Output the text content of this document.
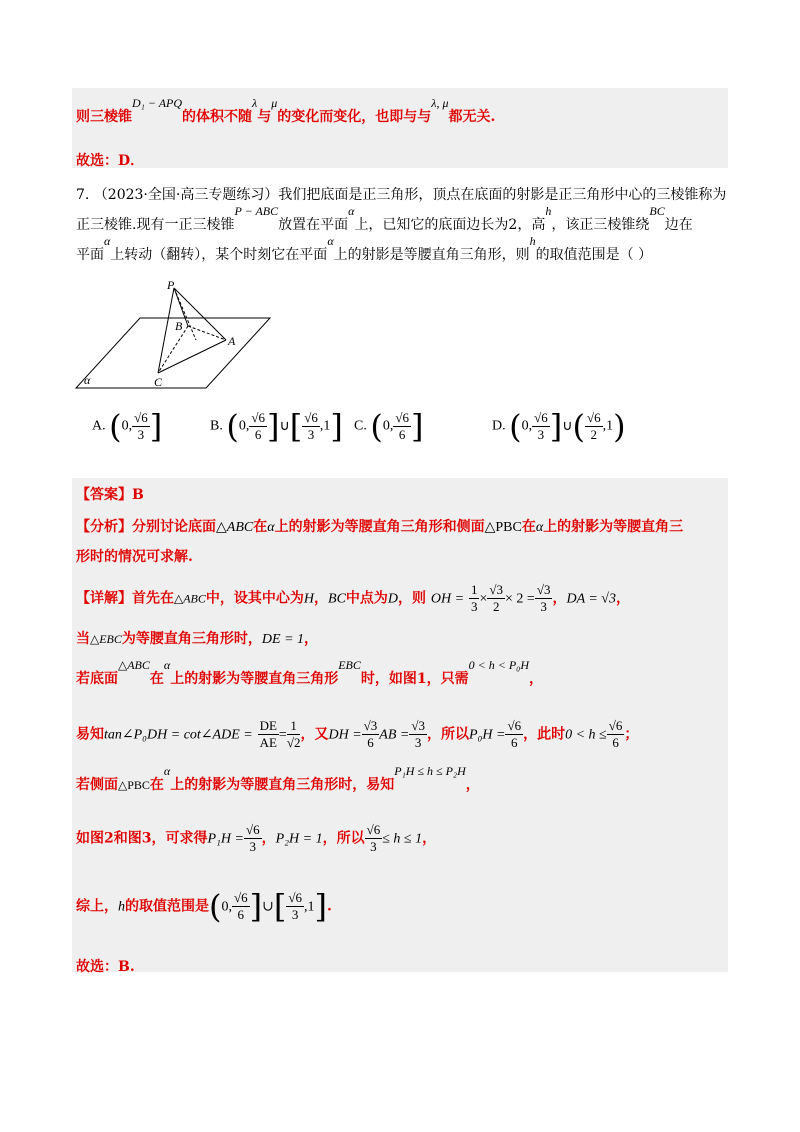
则三棱锥D₁ − APQ的体积不随λ与μ的变化而变化，也即与与λ, μ都无关.
故选：D．
7. （2023·全国·高三专题练习）我们把底面是正三角形，顶点在底面的射影是正三角形中心的三棱锥称为
正三棱锥.现有一正三棱锥P − ABC放置在平面α上，已知它的底面边长为2，高h，该正三棱锥绕BC边在
平面α上转动（翻转），某个时刻它在平面α上的射影是等腰直角三角形，则h的取值范围是（ ）
P
B
A
C
α
A. (0, $\frac{√6}{3}$ ]	B. (0, $\frac{√6}{6}$ ]∪[ $\frac{√6}{3} ,1$] C. (0, $\frac{√6}{6}$ ]	D. (0, $\frac{√6}{3}$ ]∪( $\frac{√6}{2} ,1$)
【答案】B
【分析】分别讨论底面△ABC在α上的射影为等腰直角三角形和侧面△PBC在α上的射影为等腰直角三
形时的情况可求解.
【详解】首先在△ABC中，设其中心为H，BC中点为D，则 OH = $\frac{1}{3} \times \frac{√3}{2} \times 2 = \frac{√3}{3}$ ，DA = √3，
当△EBC为等腰直角三角形时，DE = 1，
若底面△ABC在α上的射影为等腰直角三角形EBC时，如图1，只需0 < h < P₀H，
易知tan∠P₀DH = cot∠ADE = $\frac{DE}{AE} = \frac{1}{√2}$ ，又DH = $\frac{√3}{6}$ AB = $\frac{√3}{3}$ ，所以$P_0H = \frac{√6}{6}$ ，此时$0 < h \le \frac{√6}{6}$ ；
若侧面△PBC在α上的射影为等腰直角三角形时，易知P₁H ≤ h ≤ P₂H，
如图2和图3，可求得$P_1H = \frac{√6}{3}$ ，P₂H = 1，所以 $\frac{√6}{3} \le h \le 1$，
综上，h的取值范围是(0, $\frac{√6}{6}$ ]∪[ $\frac{√6}{3} ,1$].
故选：B.
